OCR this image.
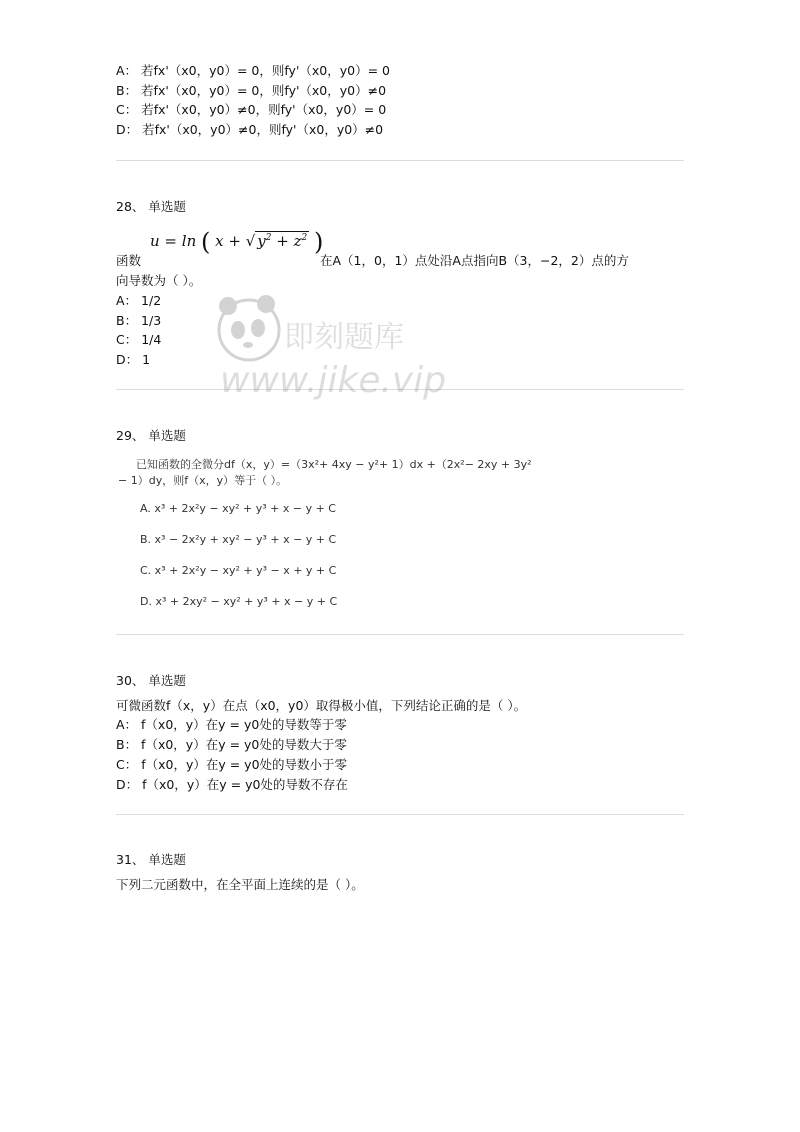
A： 若fx'（x0，y0）= 0，则fy'（x0，y0）= 0
B： 若fx'（x0，y0）= 0，则fy'（x0，y0）≠0
C： 若fx'（x0，y0）≠0，则fy'（x0，y0）= 0
D： 若fx'（x0，y0）≠0，则fy'（x0，y0）≠0
28、 单选题
u = ln ( x + √ $y^2 + z^2$ )
函数	在A（1，0，1）点处沿A点指向B（3，−2，2）点的方
向导数为（ ）。
A： 1/2
B： 1/3
C： 1/4
D： 1
29、 单选题
已知函数的全微分df（x，y）=（3x²+ 4xy − y²+ 1）dx +（2x²− 2xy + 3y²
− 1）dy，则f（x，y）等于（ ）。
A. x³ + 2x²y − xy² + y³ + x − y + C
B. x³ − 2x²y + xy² − y³ + x − y + C
C. x³ + 2x²y − xy² + y³ − x + y + C
D. x³ + 2xy² − xy² + y³ + x − y + C
30、 单选题
可微函数f（x，y）在点（x0，y0）取得极小值，下列结论正确的是（ ）。
A： f（x0，y）在y = y0处的导数等于零
B： f（x0，y）在y = y0处的导数大于零
C： f（x0，y）在y = y0处的导数小于零
D： f（x0，y）在y = y0处的导数不存在
31、 单选题
下列二元函数中，在全平面上连续的是（ ）。
即刻题库
www.jike.vip
